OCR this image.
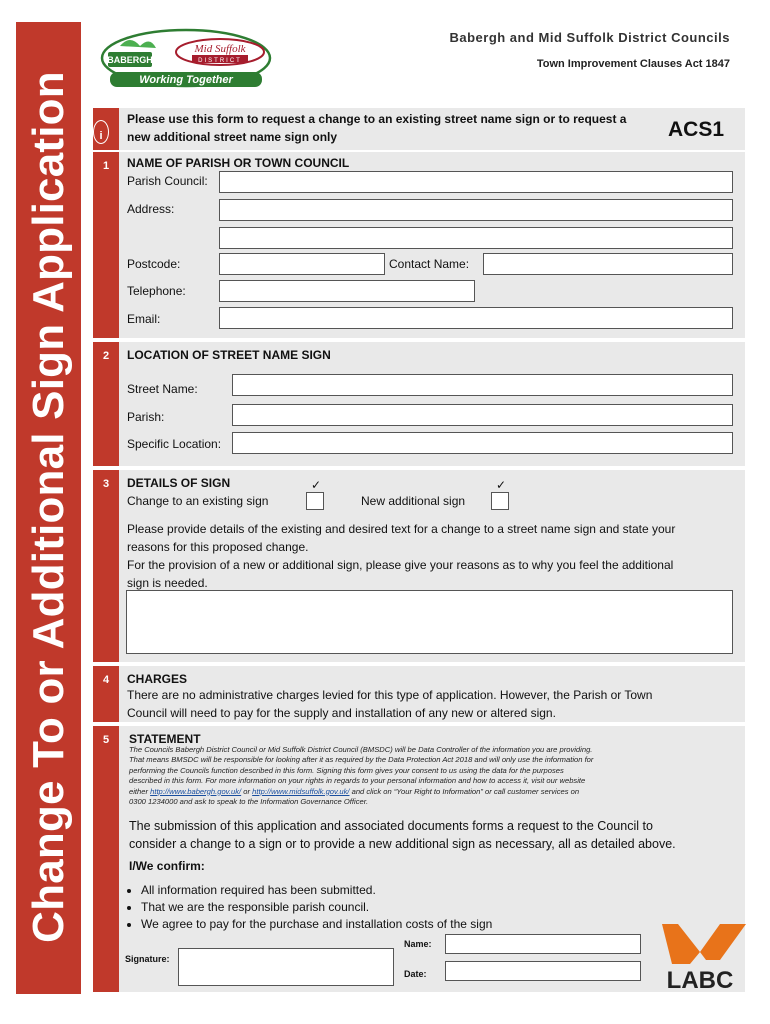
Change To or Additional Sign Application
BABERGH
Mid Suffolk
DISTRICT
Working Together
Babergh and Mid Suffolk District Councils
Town Improvement Clauses Act 1847
i
Please use this form to request a change to an existing street name sign or to request a
new additional street name sign only	ACS1
1	NAME OF PARISH OR TOWN COUNCIL
Parish Council:
Address:
Postcode:	Contact Name:
Telephone:
Email:
2	LOCATION OF STREET NAME SIGN
Street Name:
Parish:
Specific Location:
3	DETAILS OF SIGN	✓	✓
Change to an existing sign	New additional sign
Please provide details of the existing and desired text for a change to a street name sign and state your
reasons for this proposed change.
For the provision of a new or additional sign, please give your reasons as to why you feel the additional
sign is needed.
4	CHARGES
There are no administrative charges levied for this type of application. However, the Parish or Town
Council will need to pay for the supply and installation of any new or altered sign.
5	STATEMENT
The Councils Babergh District Council or Mid Suffolk District Council (BMSDC) will be Data Controller of the information you are providing.
That means BMSDC will be responsible for looking after it as required by the Data Protection Act 2018 and will only use the information for
performing the Councils function described in this form. Signing this form gives your consent to us using the data for the purposes
described in this form. For more information on your rights in regards to your personal information and how to access it, visit our website
either http://www.babergh.gov.uk/ or http://www.midsuffolk.gov.uk/ and click on “Your Right to Information” or call customer services on
0300 1234000 and ask to speak to the Information Governance Officer.
The submission of this application and associated documents forms a request to the Council to
consider a change to a sign or to provide a new additional sign as necessary, all as detailed above.
I/We confirm:
• All information required has been submitted.
• That we are the responsible parish council.
• We agree to pay for the purchase and installation costs of the sign
Signature:
Name:
Date:	LABC
